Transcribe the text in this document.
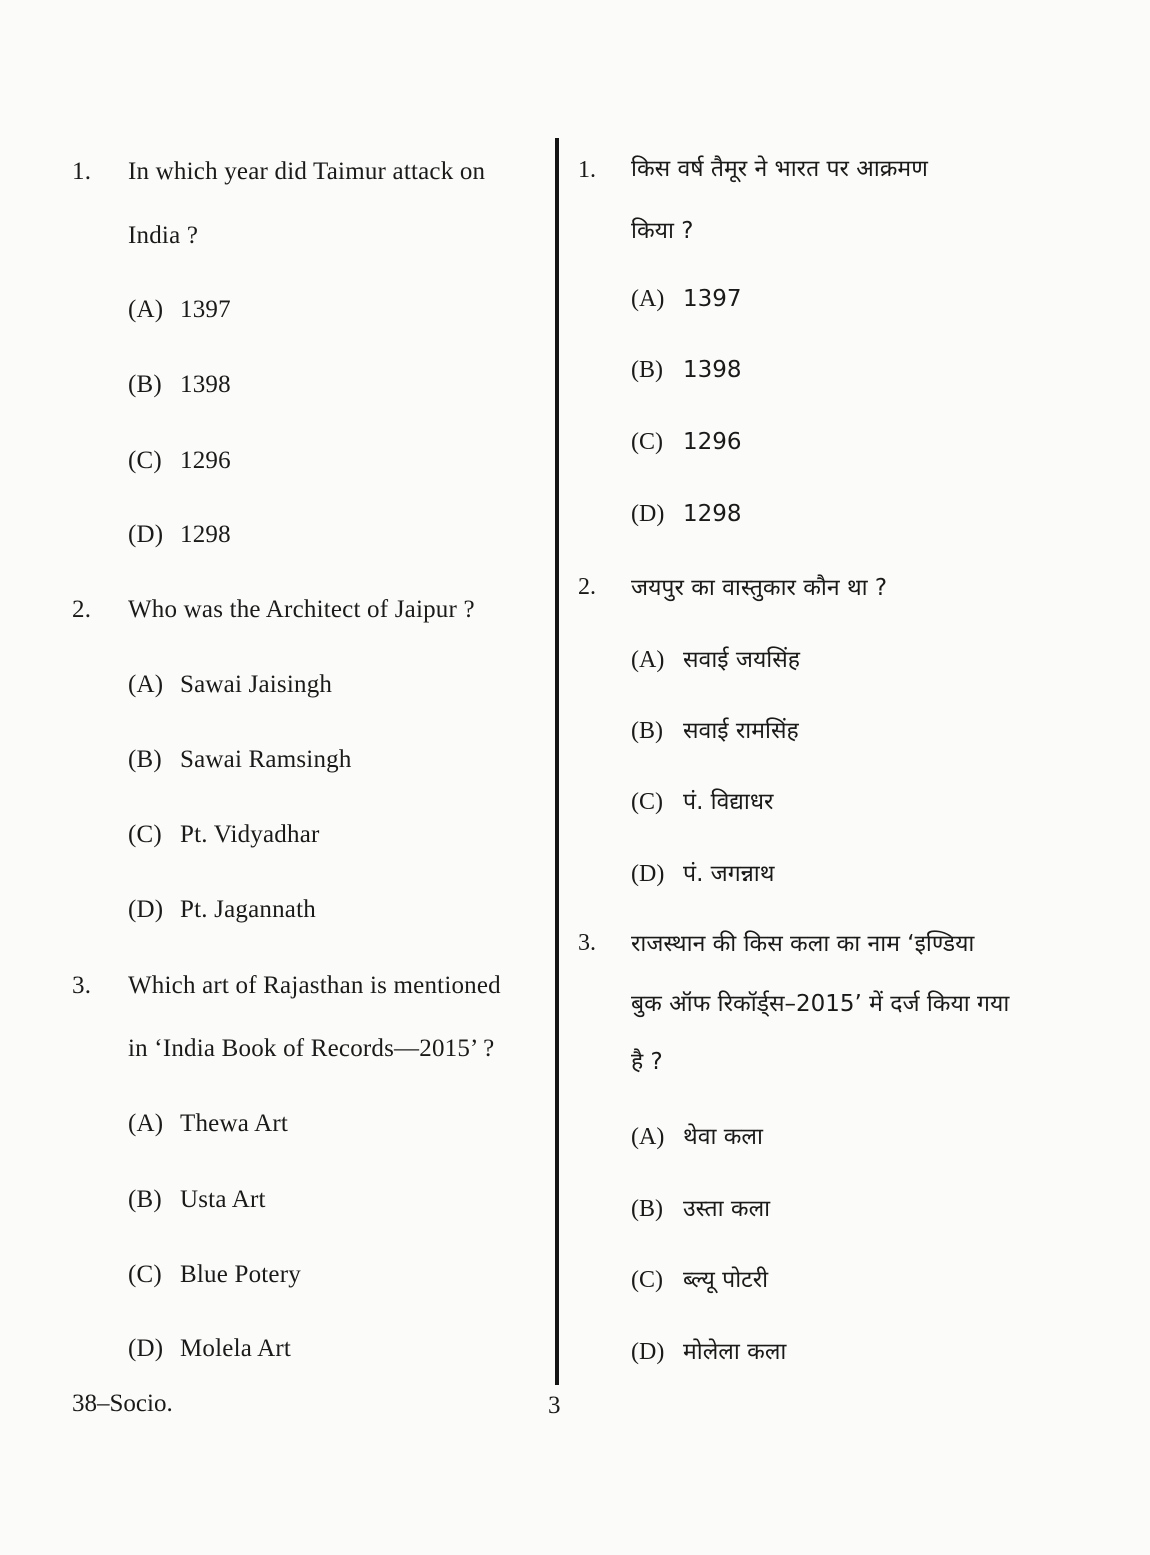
1. In which year did Taimur attack on
India ?
(A) 1397
(B) 1398
(C) 1296
(D) 1298
2. Who was the Architect of Jaipur ?
(A) Sawai Jaisingh
(B) Sawai Ramsingh
(C) Pt. Vidyadhar
(D) Pt. Jagannath
3. Which art of Rajasthan is mentioned
in ‘India Book of Records—2015’ ?
(A) Thewa Art
(B) Usta Art
(C) Blue Potery
(D) Molela Art
1. किस वर्ष तैमूर ने भारत पर आक्रमण
किया ?
(A) 1397
(B) 1398
(C) 1296
(D) 1298
2. जयपुर का वास्तुकार कौन था ?
(A) सवाई जयसिंह
(B) सवाई रामसिंह
(C) पं. विद्याधर
(D) पं. जगन्नाथ
3. राजस्थान की किस कला का नाम ‘इण्डिया
बुक ऑफ रिकॉर्ड्स–2015’ में दर्ज किया गया
है ?
(A) थेवा कला
(B) उस्ता कला
(C) ब्ल्यू पोटरी
(D) मोलेला कला
38–Socio.	3
